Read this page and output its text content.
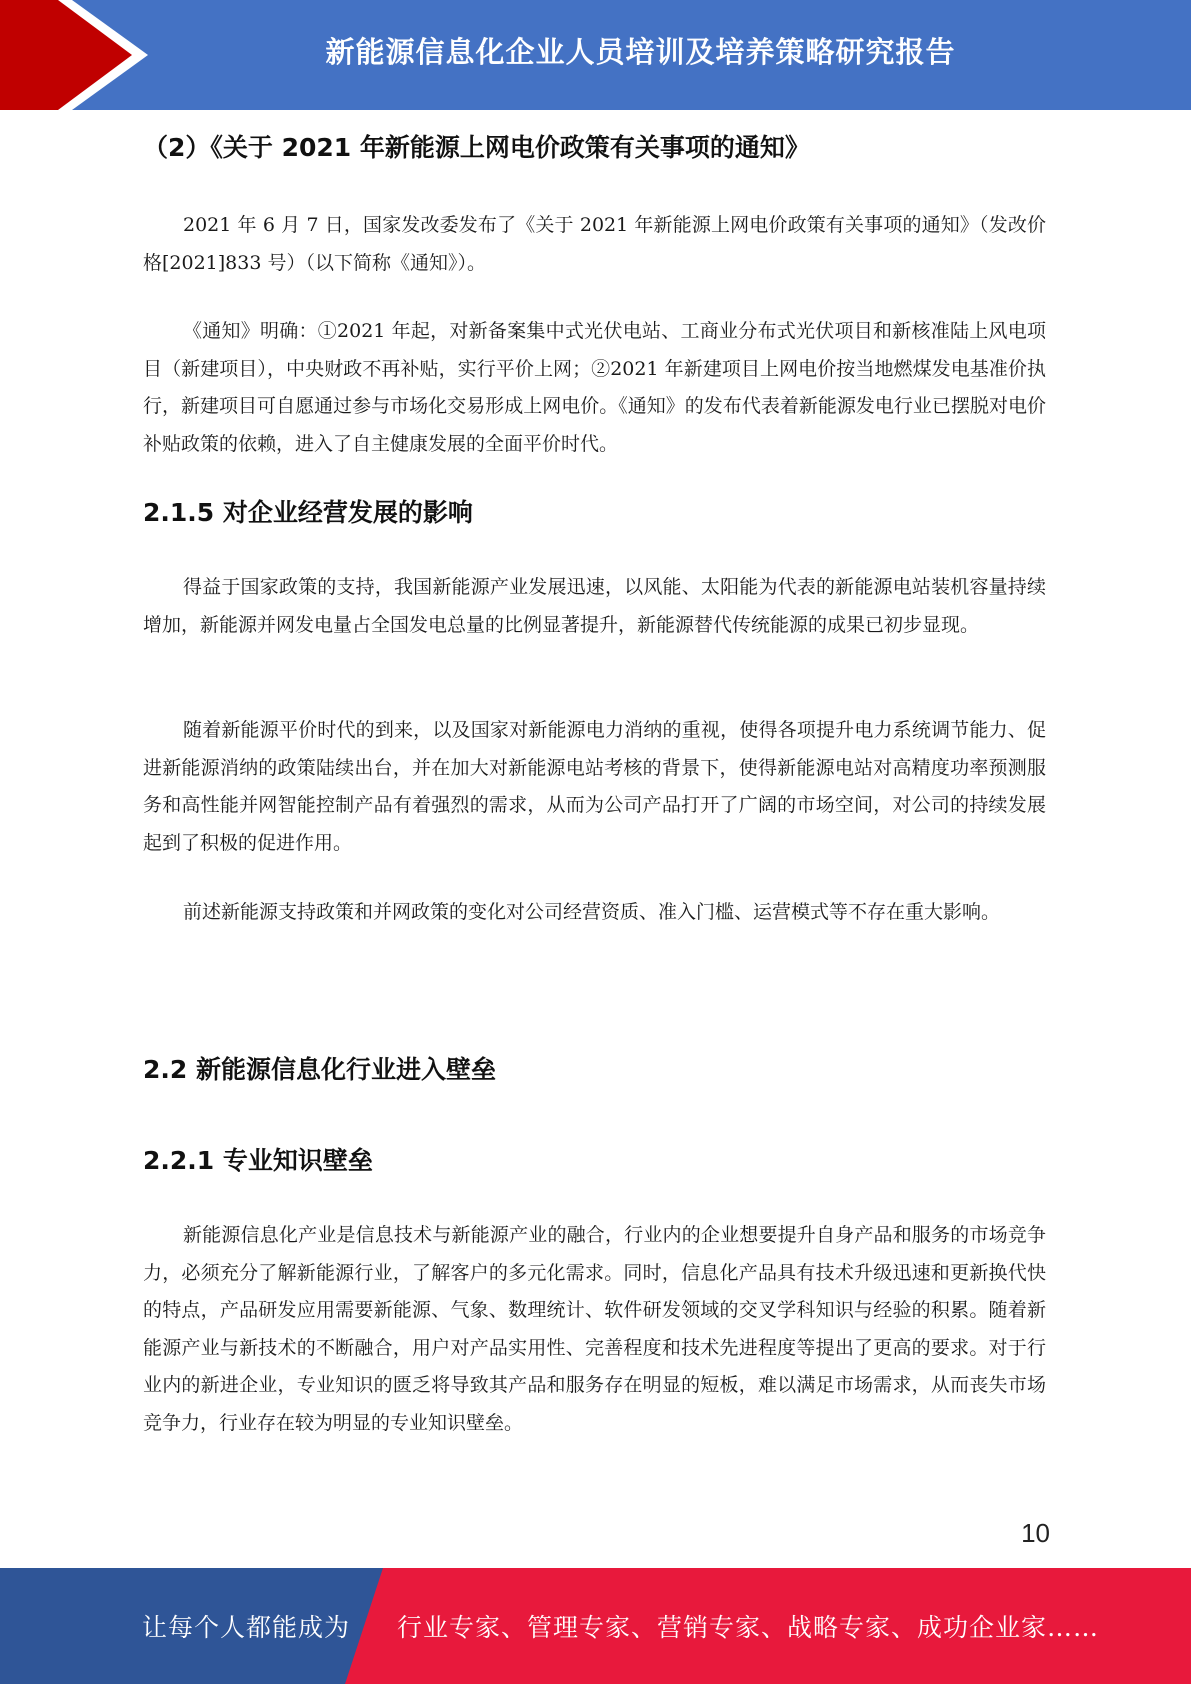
新能源信息化企业人员培训及培养策略研究报告
（2）《关于 2021 年新能源上网电价政策有关事项的通知》

2021 年 6 月 7 日，国家发改委发布了《关于 2021 年新能源上网电价政策有关事项的通知》（发改价格[2021]833 号）（以下简称《通知》）。

《通知》明确：①2021 年起，对新备案集中式光伏电站、工商业分布式光伏项目和新核准陆上风电项目（新建项目），中央财政不再补贴，实行平价上网；②2021 年新建项目上网电价按当地燃煤发电基准价执行，新建项目可自愿通过参与市场化交易形成上网电价。《通知》的发布代表着新能源发电行业已摆脱对电价补贴政策的依赖，进入了自主健康发展的全面平价时代。

2.1.5 对企业经营发展的影响

得益于国家政策的支持，我国新能源产业发展迅速，以风能、太阳能为代表的新能源电站装机容量持续增加，新能源并网发电量占全国发电总量的比例显著提升，新能源替代传统能源的成果已初步显现。

随着新能源平价时代的到来，以及国家对新能源电力消纳的重视，使得各项提升电力系统调节能力、促进新能源消纳的政策陆续出台，并在加大对新能源电站考核的背景下，使得新能源电站对高精度功率预测服务和高性能并网智能控制产品有着强烈的需求，从而为公司产品打开了广阔的市场空间，对公司的持续发展起到了积极的促进作用。

前述新能源支持政策和并网政策的变化对公司经营资质、准入门槛、运营模式等不存在重大影响。

2.2 新能源信息化行业进入壁垒
2.2.1 专业知识壁垒

新能源信息化产业是信息技术与新能源产业的融合，行业内的企业想要提升自身产品和服务的市场竞争力，必须充分了解新能源行业，了解客户的多元化需求。同时，信息化产品具有技术升级迅速和更新换代快的特点，产品研发应用需要新能源、气象、数理统计、软件研发领域的交叉学科知识与经验的积累。随着新能源产业与新技术的不断融合，用户对产品实用性、完善程度和技术先进程度等提出了更高的要求。对于行业内的新进企业，专业知识的匮乏将导致其产品和服务存在明显的短板，难以满足市场需求，从而丧失市场竞争力，行业存在较为明显的专业知识壁垒。

10
让每个人都能成为 行业专家、管理专家、营销专家、战略专家、成功企业家……
